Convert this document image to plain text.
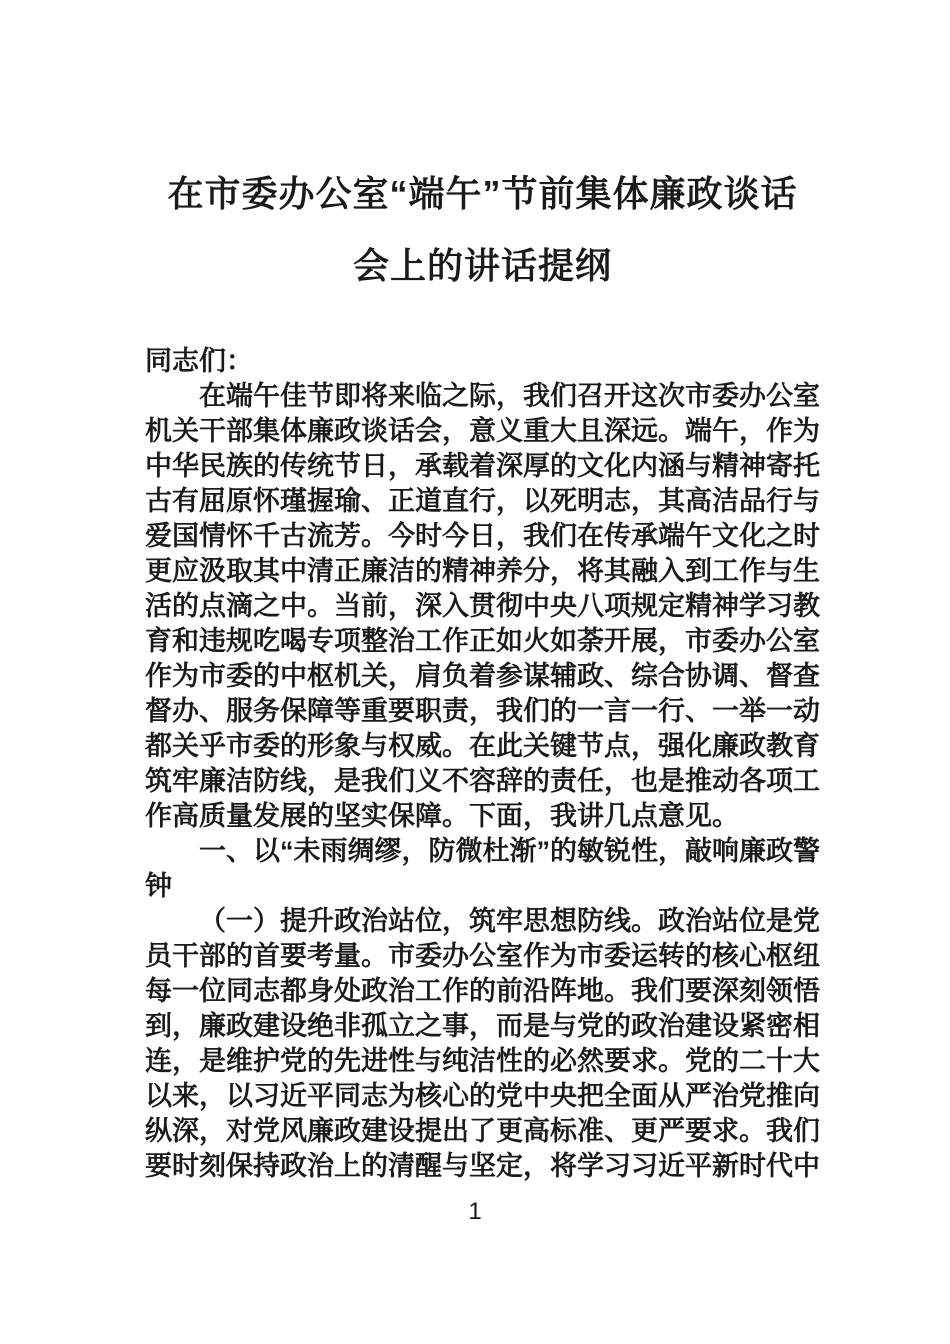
在市委办公室“端午”节前集体廉政谈话
会上的讲话提纲

同志们：

在端午佳节即将来临之际，我们召开这次市委办公室机关干部集体廉政谈话会，意义重大且深远。端午，作为中华民族的传统节日，承载着深厚的文化内涵与精神寄托古有屈原怀瑾握瑜、正道直行，以死明志，其高洁品行与爱国情怀千古流芳。今时今日，我们在传承端午文化之时更应汲取其中清正廉洁的精神养分，将其融入到工作与生活的点滴之中。当前，深入贯彻中央八项规定精神学习教育和违规吃喝专项整治工作正如火如荼开展，市委办公室作为市委的中枢机关，肩负着参谋辅政、综合协调、督查督办、服务保障等重要职责，我们的一言一行、一举一动都关乎市委的形象与权威。在此关键节点，强化廉政教育筑牢廉洁防线，是我们义不容辞的责任，也是推动各项工作高质量发展的坚实保障。下面，我讲几点意见。

一、以“未雨绸缪，防微杜渐”的敏锐性，敲响廉政警钟

（一）提升政治站位，筑牢思想防线。政治站位是党员干部的首要考量。市委办公室作为市委运转的核心枢纽每一位同志都身处政治工作的前沿阵地。我们要深刻领悟到，廉政建设绝非孤立之事，而是与党的政治建设紧密相连，是维护党的先进性与纯洁性的必然要求。党的二十大以来，以习近平同志为核心的党中央把全面从严治党推向纵深，对党风廉政建设提出了更高标准、更严要求。我们要时刻保持政治上的清醒与坚定，将学习习近平新时代中

1
